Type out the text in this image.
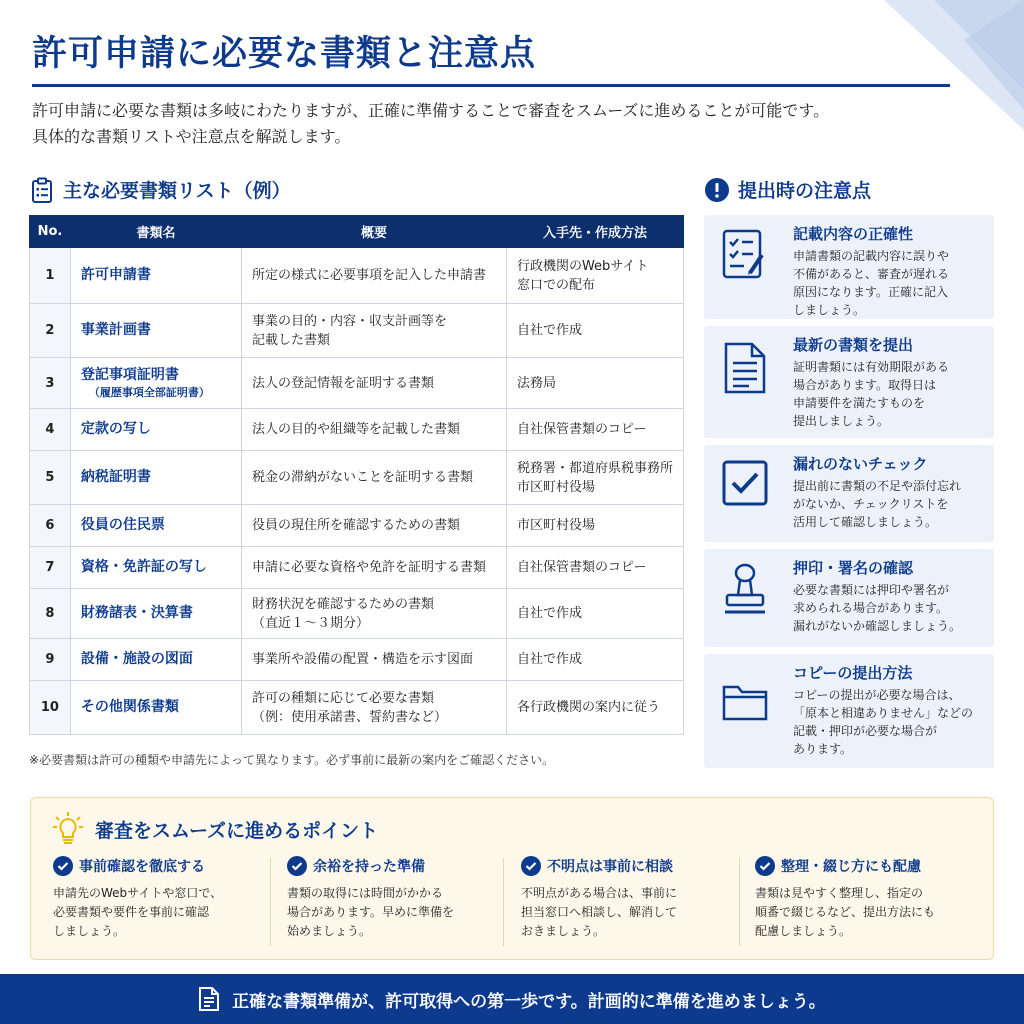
許可申請に必要な書類と注意点

許可申請に必要な書類は多岐にわたりますが、正確に準備することで審査をスムーズに進めることが可能です。

具体的な書類リストや注意点を解説します。

主な必要書類リスト（例）
No.	書類名	概要	入手先・作成方法
1	許可申請書	所定の様式に必要事項を記入した申請書	行政機関のWebサイト
窓口での配布

2	事業計画書	事業の目的・内容・収支計画等を
記載した書類	自社で作成

3	登記事項証明書
（履歴事項全部証明書）	法人の登記情報を証明する書類	法務局

4	定款の写し	法人の目的や組織等を記載した書類	自社保管書類のコピー

5	納税証明書	税金の滞納がないことを証明する書類	税務署・都道府県税事務所
市区町村役場

6	役員の住民票	役員の現住所を確認するための書類	市区町村役場

7	資格・免許証の写し	申請に必要な資格や免許を証明する書類	自社保管書類のコピー

8	財務諸表・決算書	財務状況を確認するための書類
（直近１～３期分）	自社で作成

9	設備・施設の図面	事業所や設備の配置・構造を示す図面	自社で作成

10	その他関係書類	許可の種類に応じて必要な書類
（例：使用承諾書、誓約書など）	各行政機関の案内に従う
※必要書類は許可の種類や申請先によって異なります。必ず事前に最新の案内をご確認ください。
提出時の注意点
記載内容の正確性
申請書類の記載内容に誤りや
不備があると、審査が遅れる
原因になります。正確に記入
しましょう。
最新の書類を提出
証明書類には有効期限がある
場合があります。取得日は
申請要件を満たすものを
提出しましょう。
漏れのないチェック
提出前に書類の不足や添付忘れ
がないか、チェックリストを
活用して確認しましょう。
押印・署名の確認
必要な書類には押印や署名が
求められる場合があります。
漏れがないか確認しましょう。
コピーの提出方法
コピーの提出が必要な場合は、
「原本と相違ありません」などの
記載・押印が必要な場合が
あります。
審査をスムーズに進めるポイント
事前確認を徹底する
申請先のWebサイトや窓口で、
必要書類や要件を事前に確認
しましょう。
余裕を持った準備
書類の取得には時間がかかる
場合があります。早めに準備を
始めましょう。
不明点は事前に相談
不明点がある場合は、事前に
担当窓口へ相談し、解消して
おきましょう。
整理・綴じ方にも配慮
書類は見やすく整理し、指定の
順番で綴じるなど、提出方法にも
配慮しましょう。
正確な書類準備が、許可取得への第一歩です。計画的に準備を進めましょう。
